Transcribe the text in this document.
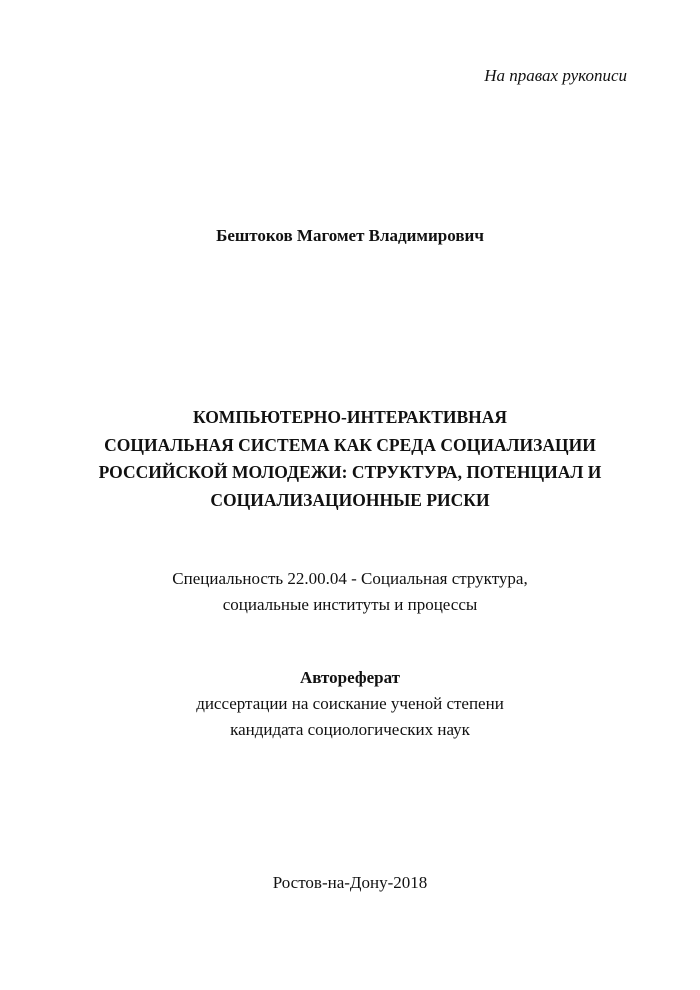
На правах рукописи
Бештоков Магомет Владимирович
КОМПЬЮТЕРНО-ИНТЕРАКТИВНАЯ
СОЦИАЛЬНАЯ СИСТЕМА КАК СРЕДА СОЦИАЛИЗАЦИИ
РОССИЙСКОЙ МОЛОДЕЖИ: СТРУКТУРА, ПОТЕНЦИАЛ И
СОЦИАЛИЗАЦИОННЫЕ РИСКИ
Специальность 22.00.04 - Социальная структура,
социальные институты и процессы
Автореферат
диссертации на соискание ученой степени
кандидата социологических наук
Ростов-на-Дону-2018
